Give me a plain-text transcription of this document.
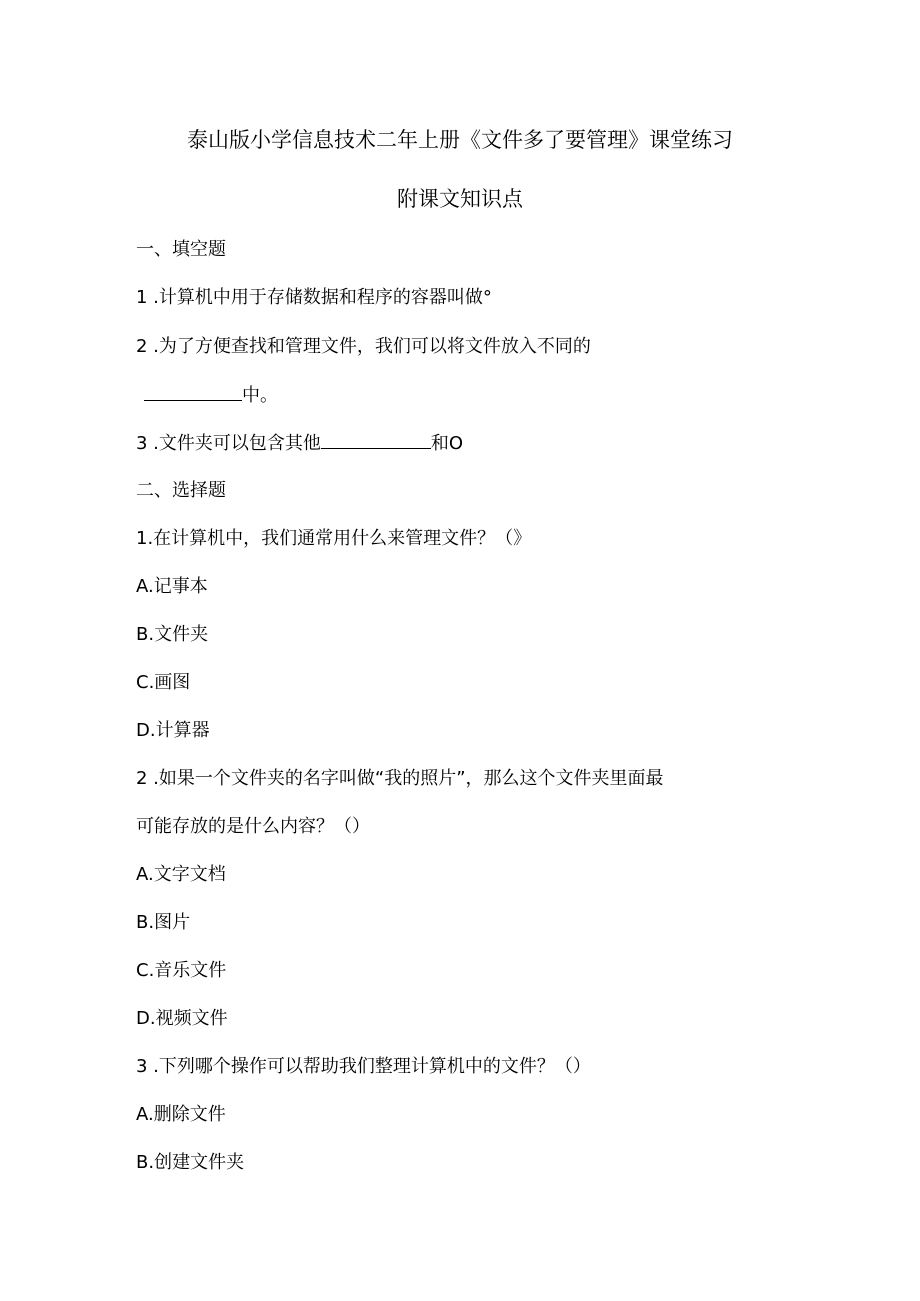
泰山版小学信息技术二年上册《文件多了要管理》课堂练习
附课文知识点
一、填空题
1 .计算机中用于存储数据和程序的容器叫做°
2 .为了方便查找和管理文件，我们可以将文件放入不同的
中。
3 .文件夹可以包含其他	和O
二、选择题
1.在计算机中，我们通常用什么来管理文件？（》
A.记事本
B.文件夹
C.画图
D.计算器
2 .如果一个文件夹的名字叫做“我的照片”，那么这个文件夹里面最
可能存放的是什么内容？（）
A.文字文档
B.图片
C.音乐文件
D.视频文件
3 .下列哪个操作可以帮助我们整理计算机中的文件？（）
A.删除文件
B.创建文件夹
